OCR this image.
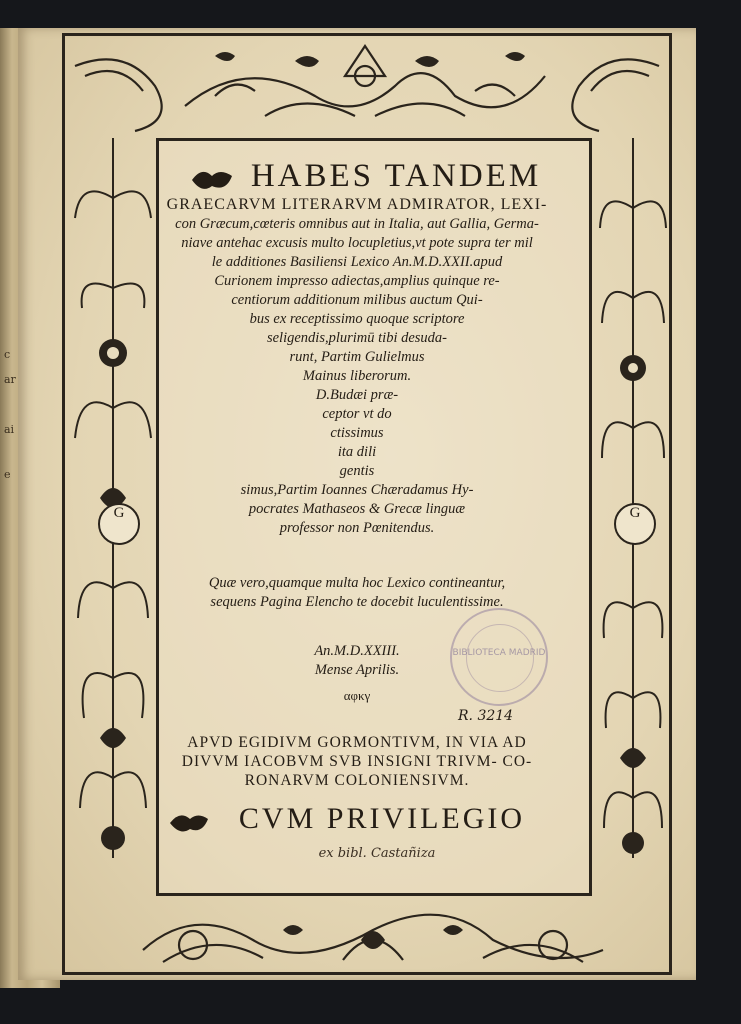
c
ar
ai
e
G	G
HABES TANDEM
GRAECARVM LITERARVM ADMIRATOR, LEXI-
con Græcum,cœteris omnibus aut in Italia, aut Gallia, Germa-
niave antehac excusis multo locupletius,vt pote supra ter mil
le additiones Basiliensi Lexico An.M.D.XXII.apud
Curionem impresso adiectas,amplius quinque re-
centiorum additionum milibus auctum Qui-
bus ex receptissimo quoque scriptore
seligendis,plurimū tibi desuda-
runt, Partim Gulielmus
Mainus liberorum.
D.Budæi præ-
ceptor vt do
ctissimus
ita dili
gentis
simus,Partim Ioannes Chæradamus Hy-
pocrates Mathaseos & Grecæ linguæ
professor non Pœnitendus.
Quæ vero,quamque multa hoc Lexico contineantur,
sequens Pagina Elencho te docebit luculentissime.
BIBLIOTECA MADRID
An.M.D.XXIII.
Mense Aprilis.
αφκγ
R. 3214
APVD EGIDIVM GORMONTIVM, IN VIA AD
DIVVM IACOBVM SVB INSIGNI TRIVM- CO-
RONARVM COLONIENSIVM.
CVM PRIVILEGIO
ex bibl. Castañiza
